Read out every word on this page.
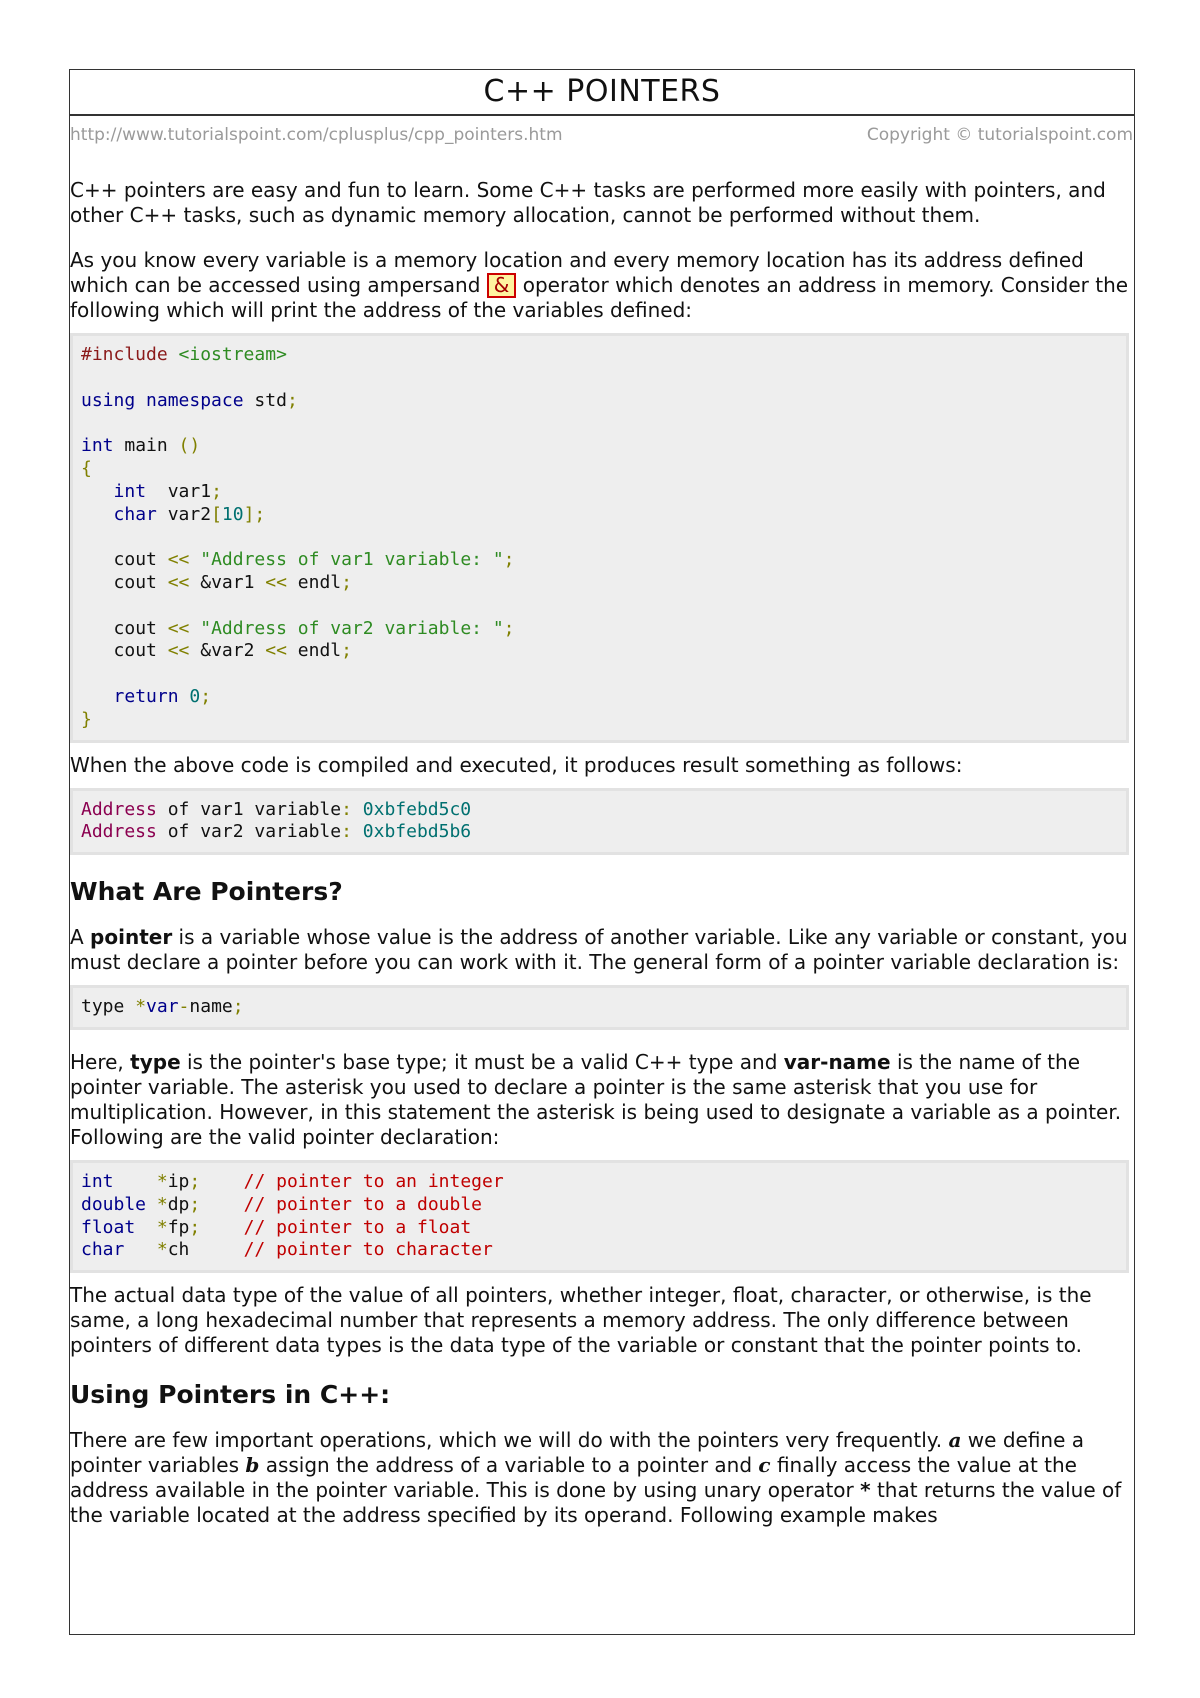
C++ POINTERS
http://www.tutorialspoint.com/cplusplus/cpp_pointers.htm	Copyright © tutorialspoint.com

C++ pointers are easy and fun to learn. Some C++ tasks are performed more easily with pointers, and other C++ tasks, such as dynamic memory allocation, cannot be performed without them.

As you know every variable is a memory location and every memory location has its address defined which can be accessed using ampersand & operator which denotes an address in memory. Consider the following which will print the address of the variables defined:

#include <iostream>

using namespace std;

int main ()
{
int  var1;
char var2[10];

cout << "Address of var1 variable: ";
cout << &var1 << endl;

cout << "Address of var2 variable: ";
cout << &var2 << endl;

return 0;
}

When the above code is compiled and executed, it produces result something as follows:

Address of var1 variable: 0xbfebd5c0
Address of var2 variable: 0xbfebd5b6
What Are Pointers?

A pointer is a variable whose value is the address of another variable. Like any variable or constant, you must declare a pointer before you can work with it. The general form of a pointer variable declaration is:

type *var-name;

Here, type is the pointer's base type; it must be a valid C++ type and var-name is the name of the pointer variable. The asterisk you used to declare a pointer is the same asterisk that you use for multiplication. However, in this statement the asterisk is being used to designate a variable as a pointer. Following are the valid pointer declaration:

int *ip; // pointer to an integer
double *dp; // pointer to a double
float *fp; // pointer to a float
char *ch	// pointer to character

The actual data type of the value of all pointers, whether integer, float, character, or otherwise, is the same, a long hexadecimal number that represents a memory address. The only difference between pointers of different data types is the data type of the variable or constant that the pointer points to.

Using Pointers in C++:

There are few important operations, which we will do with the pointers very frequently. a we define a pointer variables b assign the address of a variable to a pointer and c finally access the value at the address available in the pointer variable. This is done by using unary operator * that returns the value of the variable located at the address specified by its operand. Following example makes
